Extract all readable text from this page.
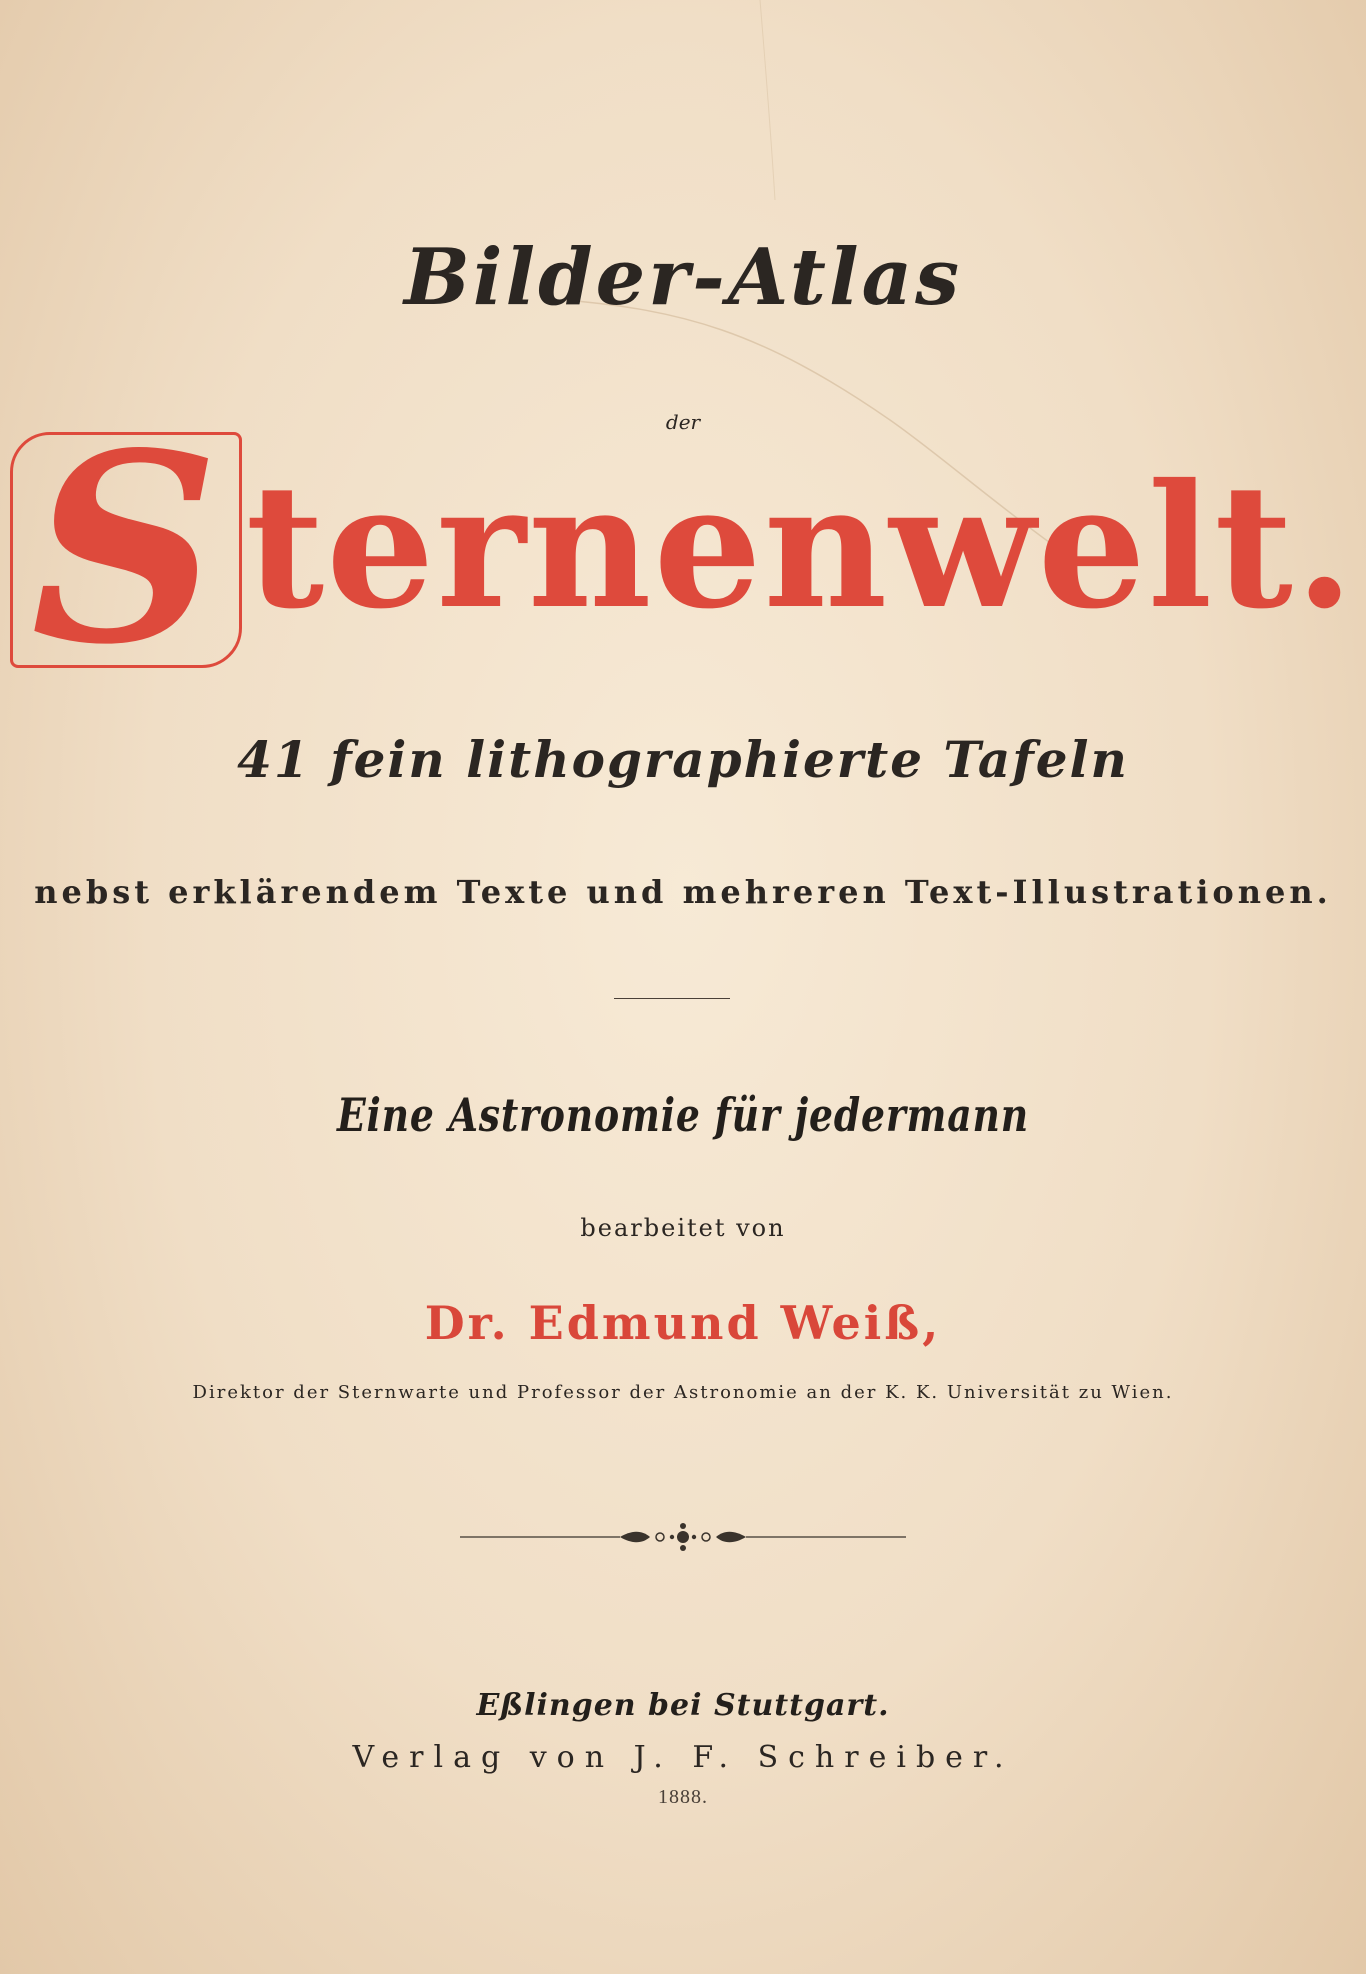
Bilder-Atlas
der
S ternenwelt.
41 fein lithographierte Tafeln
nebst erklärendem Texte und mehreren Text-Illustrationen.
Eine Astronomie für jedermann
bearbeitet von
Dr. Edmund Weiß,
Direktor der Sternwarte und Professor der Astronomie an der K. K. Universität zu Wien.
Eßlingen bei Stuttgart.
Verlag von J. F. Schreiber.
1888.
